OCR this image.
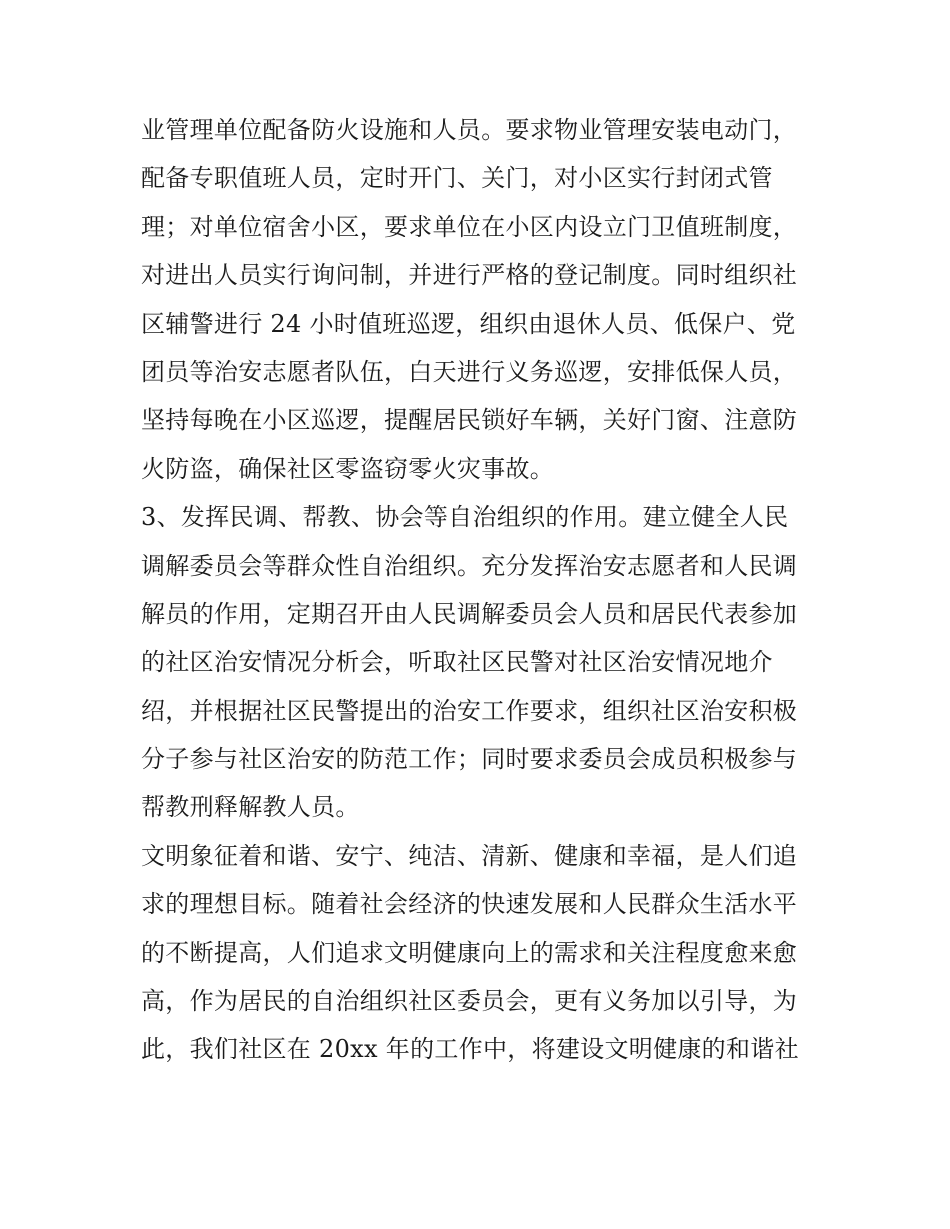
业管理单位配备防火设施和人员。要求物业管理安装电动门，
配备专职值班人员，定时开门、关门，对小区实行封闭式管
理；对单位宿舍小区，要求单位在小区内设立门卫值班制度，
对进出人员实行询问制，并进行严格的登记制度。同时组织社
区辅警进行 24 小时值班巡逻，组织由退休人员、低保户、党
团员等治安志愿者队伍，白天进行义务巡逻，安排低保人员，
坚持每晚在小区巡逻，提醒居民锁好车辆，关好门窗、注意防
火防盗，确保社区零盗窃零火灾事故。
3、发挥民调、帮教、协会等自治组织的作用。建立健全人民
调解委员会等群众性自治组织。充分发挥治安志愿者和人民调
解员的作用，定期召开由人民调解委员会人员和居民代表参加
的社区治安情况分析会，听取社区民警对社区治安情况地介
绍，并根据社区民警提出的治安工作要求，组织社区治安积极
分子参与社区治安的防范工作；同时要求委员会成员积极参与
帮教刑释解教人员。
文明象征着和谐、安宁、纯洁、清新、健康和幸福，是人们追
求的理想目标。随着社会经济的快速发展和人民群众生活水平
的不断提高，人们追求文明健康向上的需求和关注程度愈来愈
高，作为居民的自治组织社区委员会，更有义务加以引导，为
此，我们社区在 20xx 年的工作中，将建设文明健康的和谐社
